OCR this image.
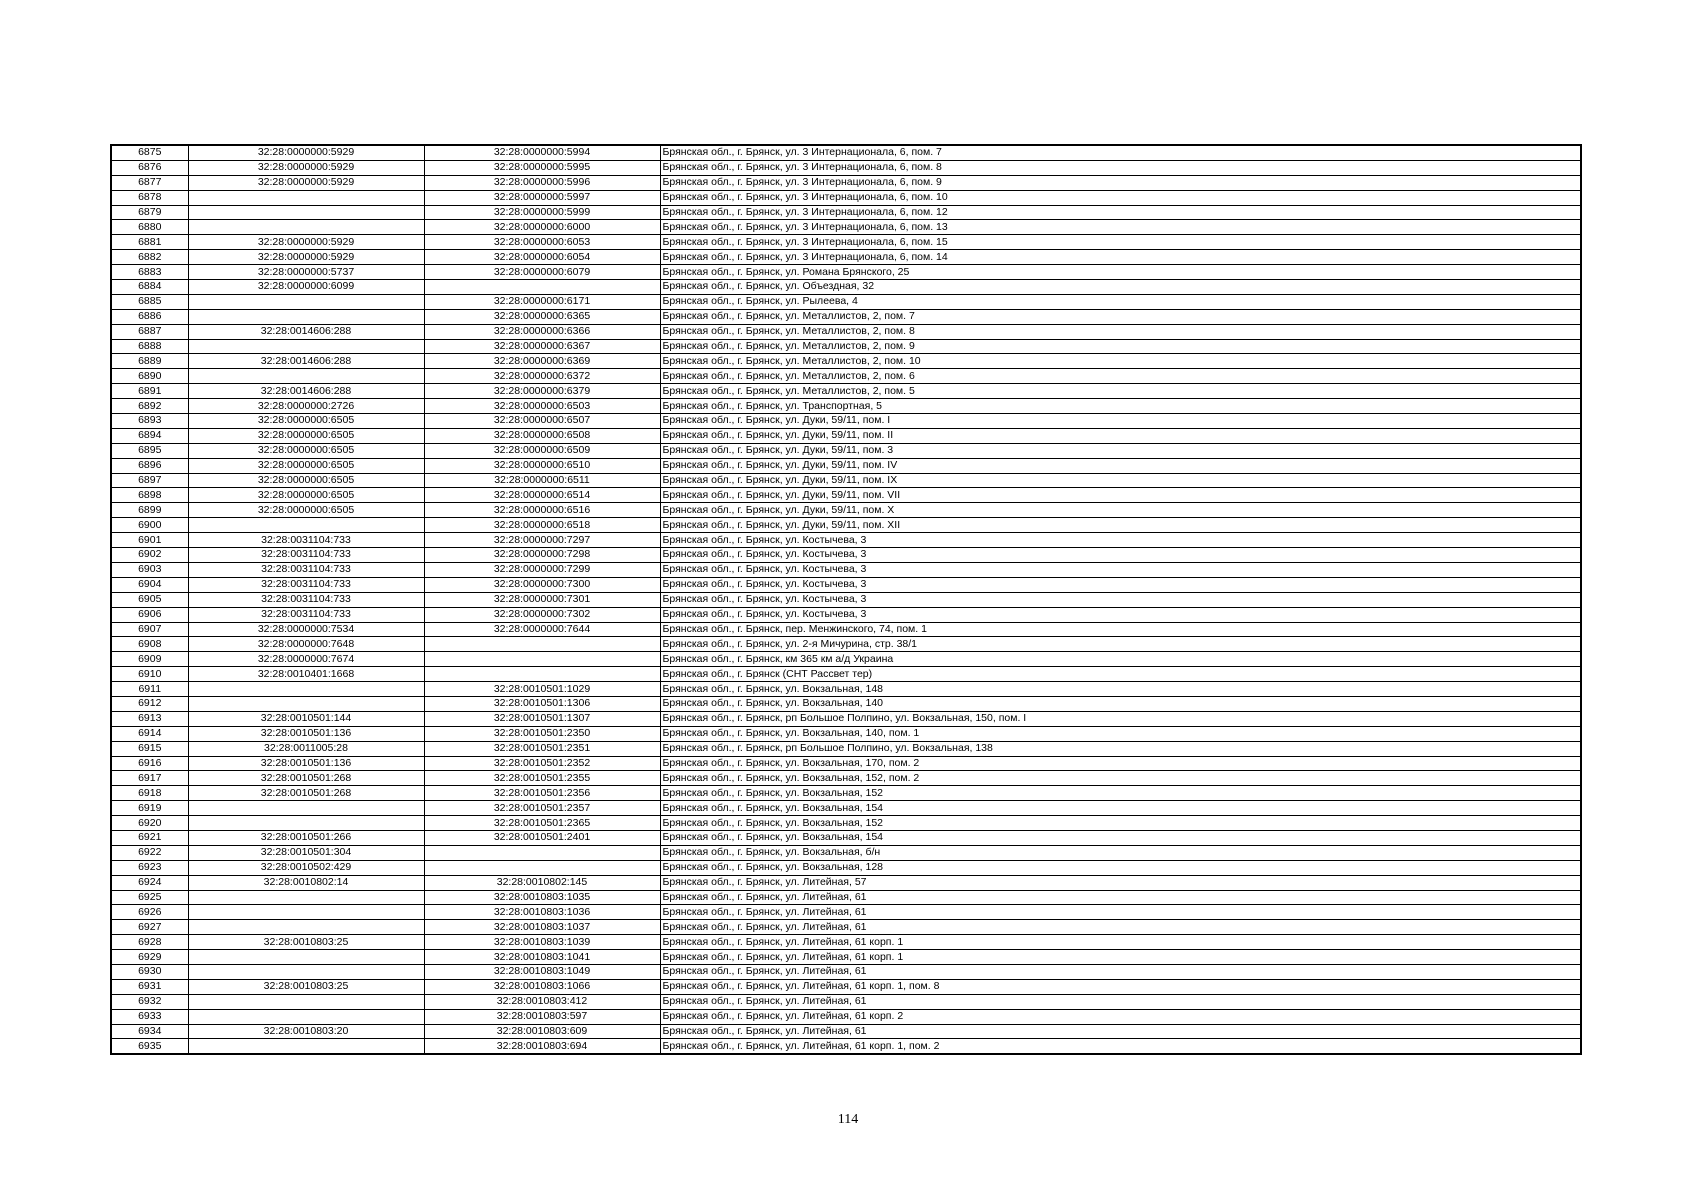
6875	32:28:0000000:5929	32:28:0000000:5994	Брянская обл., г. Брянск, ул. 3 Интернационала, 6, пом. 7
6876	32:28:0000000:5929	32:28:0000000:5995	Брянская обл., г. Брянск, ул. 3 Интернационала, 6, пом. 8
6877	32:28:0000000:5929	32:28:0000000:5996	Брянская обл., г. Брянск, ул. 3 Интернационала, 6, пом. 9
6878		32:28:0000000:5997	Брянская обл., г. Брянск, ул. 3 Интернационала, 6, пом. 10
6879		32:28:0000000:5999	Брянская обл., г. Брянск, ул. 3 Интернационала, 6, пом. 12
6880		32:28:0000000:6000	Брянская обл., г. Брянск, ул. 3 Интернационала, 6, пом. 13
6881	32:28:0000000:5929	32:28:0000000:6053	Брянская обл., г. Брянск, ул. 3 Интернационала, 6, пом. 15
6882	32:28:0000000:5929	32:28:0000000:6054	Брянская обл., г. Брянск, ул. 3 Интернационала, 6, пом. 14
6883	32:28:0000000:5737	32:28:0000000:6079	Брянская обл., г. Брянск, ул. Романа Брянского, 25
6884	32:28:0000000:6099		Брянская обл., г. Брянск, ул. Объездная, 32
6885		32:28:0000000:6171	Брянская обл., г. Брянск, ул. Рылеева, 4
6886		32:28:0000000:6365	Брянская обл., г. Брянск, ул. Металлистов, 2, пом. 7
6887	32:28:0014606:288	32:28:0000000:6366	Брянская обл., г. Брянск, ул. Металлистов, 2, пом. 8
6888		32:28:0000000:6367	Брянская обл., г. Брянск, ул. Металлистов, 2, пом. 9
6889	32:28:0014606:288	32:28:0000000:6369	Брянская обл., г. Брянск, ул. Металлистов, 2, пом. 10
6890		32:28:0000000:6372	Брянская обл., г. Брянск, ул. Металлистов, 2, пом. 6
6891	32:28:0014606:288	32:28:0000000:6379	Брянская обл., г. Брянск, ул. Металлистов, 2, пом. 5
6892	32:28:0000000:2726	32:28:0000000:6503	Брянская обл., г. Брянск, ул. Транспортная, 5
6893	32:28:0000000:6505	32:28:0000000:6507	Брянская обл., г. Брянск, ул. Дуки, 59/11, пом. I
6894	32:28:0000000:6505	32:28:0000000:6508	Брянская обл., г. Брянск, ул. Дуки, 59/11, пом. II
6895	32:28:0000000:6505	32:28:0000000:6509	Брянская обл., г. Брянск, ул. Дуки, 59/11, пом. 3
6896	32:28:0000000:6505	32:28:0000000:6510	Брянская обл., г. Брянск, ул. Дуки, 59/11, пом. IV
6897	32:28:0000000:6505	32:28:0000000:6511	Брянская обл., г. Брянск, ул. Дуки, 59/11, пом. IX
6898	32:28:0000000:6505	32:28:0000000:6514	Брянская обл., г. Брянск, ул. Дуки, 59/11, пом. VII
6899	32:28:0000000:6505	32:28:0000000:6516	Брянская обл., г. Брянск, ул. Дуки, 59/11, пом. X
6900		32:28:0000000:6518	Брянская обл., г. Брянск, ул. Дуки, 59/11, пом. XII
6901	32:28:0031104:733	32:28:0000000:7297	Брянская обл., г. Брянск, ул. Костычева, 3
6902	32:28:0031104:733	32:28:0000000:7298	Брянская обл., г. Брянск, ул. Костычева, 3
6903	32:28:0031104:733	32:28:0000000:7299	Брянская обл., г. Брянск, ул. Костычева, 3
6904	32:28:0031104:733	32:28:0000000:7300	Брянская обл., г. Брянск, ул. Костычева, 3
6905	32:28:0031104:733	32:28:0000000:7301	Брянская обл., г. Брянск, ул. Костычева, 3
6906	32:28:0031104:733	32:28:0000000:7302	Брянская обл., г. Брянск, ул. Костычева, 3
6907	32:28:0000000:7534	32:28:0000000:7644	Брянская обл., г. Брянск, пер. Менжинского, 74, пом. 1
6908	32:28:0000000:7648		Брянская обл., г. Брянск, ул. 2-я Мичурина, стр. 38/1
6909	32:28:0000000:7674		Брянская обл., г. Брянск, км 365 км а/д Украина
6910	32:28:0010401:1668		Брянская обл., г. Брянск (СНТ Рассвет тер)
6911		32:28:0010501:1029	Брянская обл., г. Брянск, ул. Вокзальная, 148
6912		32:28:0010501:1306	Брянская обл., г. Брянск, ул. Вокзальная, 140
6913	32:28:0010501:144	32:28:0010501:1307	Брянская обл., г. Брянск, рп Большое Полпино, ул. Вокзальная, 150, пом. I
6914	32:28:0010501:136	32:28:0010501:2350	Брянская обл., г. Брянск, ул. Вокзальная, 140, пом. 1
6915	32:28:0011005:28	32:28:0010501:2351	Брянская обл., г. Брянск, рп Большое Полпино, ул. Вокзальная, 138
6916	32:28:0010501:136	32:28:0010501:2352	Брянская обл., г. Брянск, ул. Вокзальная, 170, пом. 2
6917	32:28:0010501:268	32:28:0010501:2355	Брянская обл., г. Брянск, ул. Вокзальная, 152, пом. 2
6918	32:28:0010501:268	32:28:0010501:2356	Брянская обл., г. Брянск, ул. Вокзальная, 152
6919		32:28:0010501:2357	Брянская обл., г. Брянск, ул. Вокзальная, 154
6920		32:28:0010501:2365	Брянская обл., г. Брянск, ул. Вокзальная, 152
6921	32:28:0010501:266	32:28:0010501:2401	Брянская обл., г. Брянск, ул. Вокзальная, 154
6922	32:28:0010501:304		Брянская обл., г. Брянск, ул. Вокзальная, б/н
6923	32:28:0010502:429		Брянская обл., г. Брянск, ул. Вокзальная, 128
6924	32:28:0010802:14	32:28:0010802:145	Брянская обл., г. Брянск, ул. Литейная, 57
6925		32:28:0010803:1035	Брянская обл., г. Брянск, ул. Литейная, 61
6926		32:28:0010803:1036	Брянская обл., г. Брянск, ул. Литейная, 61
6927		32:28:0010803:1037	Брянская обл., г. Брянск, ул. Литейная, 61
6928	32:28:0010803:25	32:28:0010803:1039	Брянская обл., г. Брянск, ул. Литейная, 61 корп. 1
6929		32:28:0010803:1041	Брянская обл., г. Брянск, ул. Литейная, 61 корп. 1
6930		32:28:0010803:1049	Брянская обл., г. Брянск, ул. Литейная, 61
6931	32:28:0010803:25	32:28:0010803:1066	Брянская обл., г. Брянск, ул. Литейная, 61 корп. 1, пом. 8
6932		32:28:0010803:412	Брянская обл., г. Брянск, ул. Литейная, 61
6933		32:28:0010803:597	Брянская обл., г. Брянск, ул. Литейная, 61 корп. 2
6934	32:28:0010803:20	32:28:0010803:609	Брянская обл., г. Брянск, ул. Литейная, 61
6935		32:28:0010803:694	Брянская обл., г. Брянск, ул. Литейная, 61 корп. 1, пом. 2
114
